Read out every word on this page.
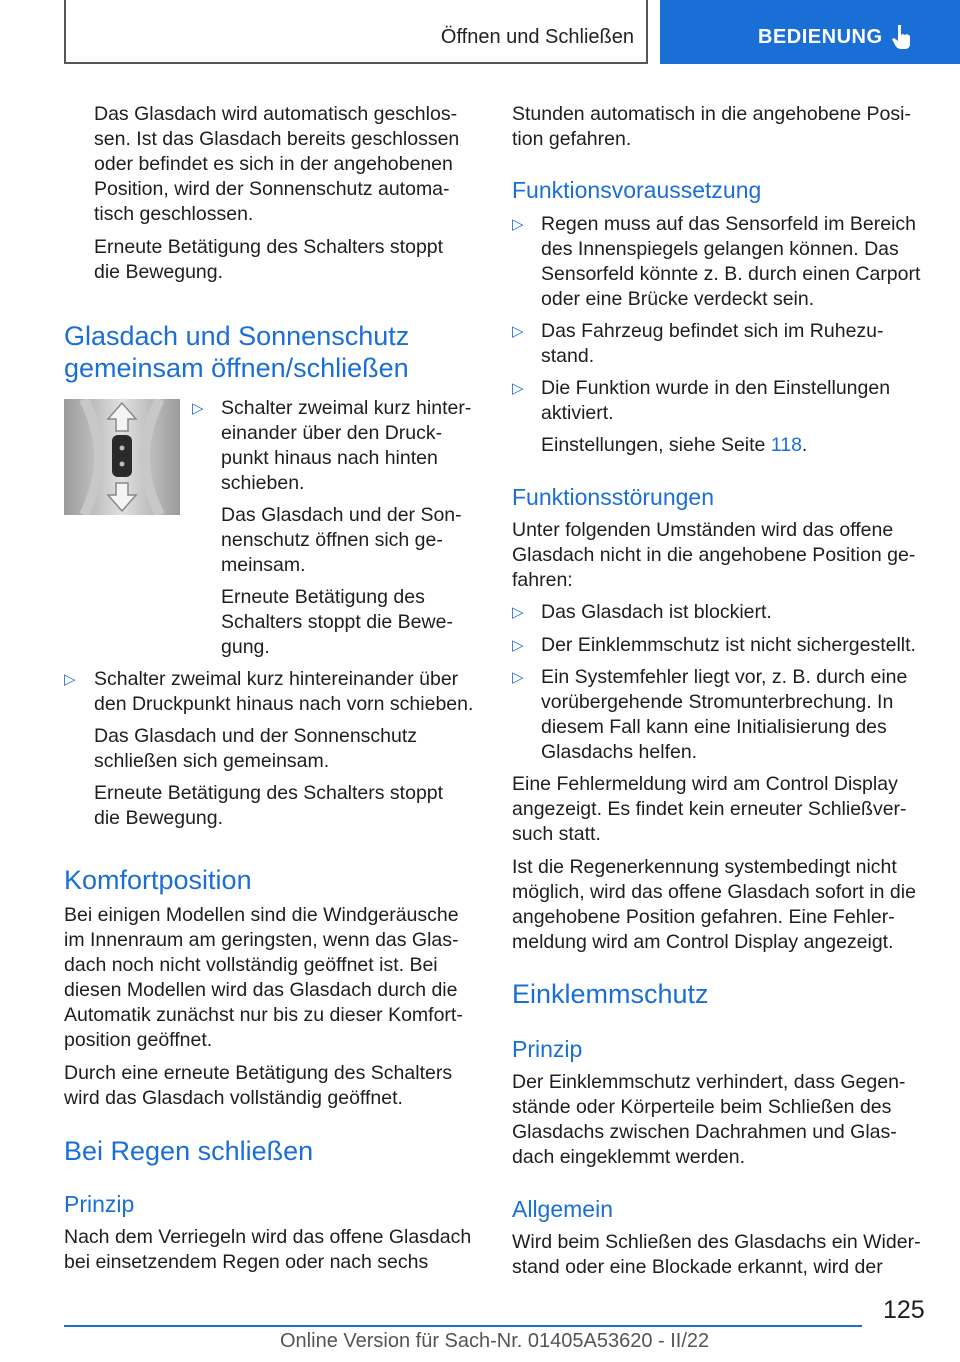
Öffnen und Schließen	BEDIENUNG

Das Glasdach wird automatisch geschlos-
sen. Ist das Glasdach bereits geschlossen
oder befindet es sich in der angehobenen
Position, wird der Sonnenschutz automa-
tisch geschlossen.

Erneute Betätigung des Schalters stoppt
die Bewegung.

Glasdach und Sonnenschutz
gemeinsam öffnen/schließen
▷ Schalter zweimal kurz hinter-
einander über den Druck-
punkt hinaus nach hinten
schieben.

Das Glasdach und der Son-
nenschutz öffnen sich ge-
meinsam.

Erneute Betätigung des
Schalters stoppt die Bewe-
gung.

▷ Schalter zweimal kurz hintereinander über
den Druckpunkt hinaus nach vorn schieben.

Das Glasdach und der Sonnenschutz
schließen sich gemeinsam.

Erneute Betätigung des Schalters stoppt
die Bewegung.

Komfortposition

Bei einigen Modellen sind die Windgeräusche
im Innenraum am geringsten, wenn das Glas-
dach noch nicht vollständig geöffnet ist. Bei
diesen Modellen wird das Glasdach durch die
Automatik zunächst nur bis zu dieser Komfort-
position geöffnet.

Durch eine erneute Betätigung des Schalters
wird das Glasdach vollständig geöffnet.

Bei Regen schließen
Prinzip

Nach dem Verriegeln wird das offene Glasdach
bei einsetzendem Regen oder nach sechs

Stunden automatisch in die angehobene Posi-
tion gefahren.

Funktionsvoraussetzung
▷ Regen muss auf das Sensorfeld im Bereich
des Innenspiegels gelangen können. Das
Sensorfeld könnte z. B. durch einen Carport
oder eine Brücke verdeckt sein.

▷ Das Fahrzeug befindet sich im Ruhezu-
stand.

▷ Die Funktion wurde in den Einstellungen
aktiviert.

Einstellungen, siehe Seite 118.

Funktionsstörungen

Unter folgenden Umständen wird das offene
Glasdach nicht in die angehobene Position ge-
fahren:

▷ Das Glasdach ist blockiert.

▷ Der Einklemmschutz ist nicht sichergestellt.

▷ Ein Systemfehler liegt vor, z. B. durch eine
vorübergehende Stromunterbrechung. In
diesem Fall kann eine Initialisierung des
Glasdachs helfen.

Eine Fehlermeldung wird am Control Display
angezeigt. Es findet kein erneuter Schließver-
such statt.

Ist die Regenerkennung systembedingt nicht
möglich, wird das offene Glasdach sofort in die
angehobene Position gefahren. Eine Fehler-
meldung wird am Control Display angezeigt.

Einklemmschutz
Prinzip

Der Einklemmschutz verhindert, dass Gegen-
stände oder Körperteile beim Schließen des
Glasdachs zwischen Dachrahmen und Glas-
dach eingeklemmt werden.

Allgemein

Wird beim Schließen des Glasdachs ein Wider-
stand oder eine Blockade erkannt, wird der

125
Online Version für Sach-Nr. 01405A53620 - II/22
